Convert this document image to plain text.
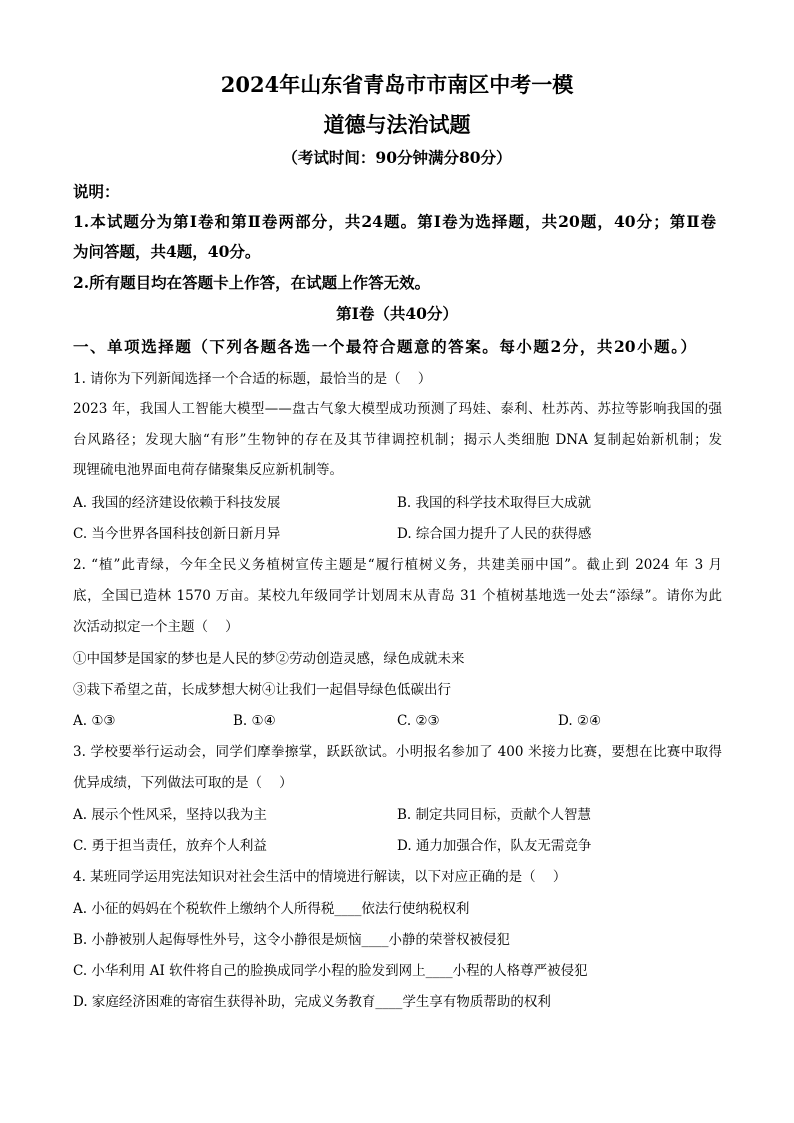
2024年山东省青岛市市南区中考一模
道德与法治试题
（考试时间：90分钟满分80分）
说明：
1.本试题分为第Ⅰ卷和第Ⅱ卷两部分，共24题。第Ⅰ卷为选择题，共20题，40分；第Ⅱ卷
为问答题，共4题，40分。
2.所有题目均在答题卡上作答，在试题上作答无效。
第Ⅰ卷（共40分）
一、单项选择题（下列各题各选一个最符合题意的答案。每小题2分，共20小题。）
1. 请你为下列新闻选择一个合适的标题，最恰当的是（    ）
2023 年，我国人工智能大模型——盘古气象大模型成功预测了玛娃、泰利、杜苏芮、苏拉等影响我国的强
台风路径；发现大脑“有形”生物钟的存在及其节律调控机制；揭示人类细胞 DNA 复制起始新机制；发
现锂硫电池界面电荷存储聚集反应新机制等。
A. 我国的经济建设依赖于科技发展	B. 我国的科学技术取得巨大成就
C. 当今世界各国科技创新日新月异	D. 综合国力提升了人民的获得感
2. “植”此青绿，今年全民义务植树宣传主题是“履行植树义务，共建美丽中国”。截止到 2024 年 3 月
底，全国已造林 1570 万亩。某校九年级同学计划周末从青岛 31 个植树基地选一处去“添绿”。请你为此
次活动拟定一个主题（    ）
①中国梦是国家的梦也是人民的梦②劳动创造灵感，绿色成就未来
③栽下希望之苗，长成梦想大树④让我们一起倡导绿色低碳出行
A. ①③	B. ①④	C. ②③	D. ②④
3. 学校要举行运动会，同学们摩拳擦掌，跃跃欲试。小明报名参加了 400 米接力比赛，要想在比赛中取得
优异成绩，下列做法可取的是（    ）
A. 展示个性风采，坚持以我为主	B. 制定共同目标，贡献个人智慧
C. 勇于担当责任，放弃个人利益	D. 通力加强合作，队友无需竞争
4. 某班同学运用宪法知识对社会生活中的情境进行解读，以下对应正确的是（    ）
A. 小征的妈妈在个税软件上缴纳个人所得税____依法行使纳税权利
B. 小静被别人起侮辱性外号，这令小静很是烦恼____小静的荣誉权被侵犯
C. 小华利用 AI 软件将自己的脸换成同学小程的脸发到网上____小程的人格尊严被侵犯
D. 家庭经济困难的寄宿生获得补助，完成义务教育____学生享有物质帮助的权利
